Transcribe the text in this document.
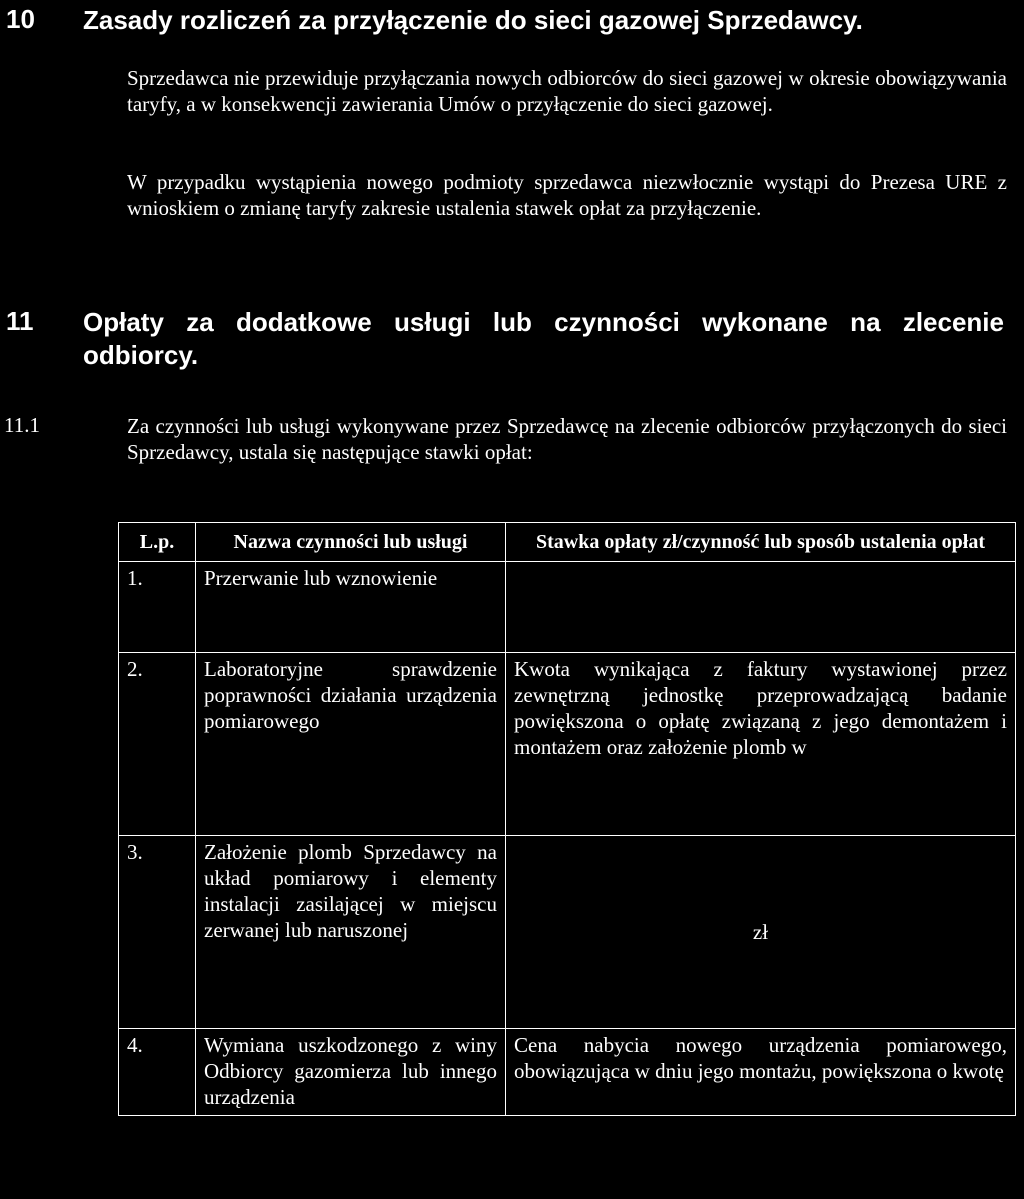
10 Zasady rozliczeń za przyłączenie do sieci gazowej Sprzedawcy.
Sprzedawca nie przewiduje przyłączania nowych odbiorców do sieci gazowej w okresie obowiązywania taryfy, a w konsekwencji zawierania Umów o przyłączenie do sieci gazowej.
W przypadku wystąpienia nowego podmioty sprzedawca niezwłocznie wystąpi do Prezesa URE z wnioskiem o zmianę taryfy zakresie ustalenia stawek opłat za przyłączenie.
11 Opłaty za dodatkowe usługi lub czynności wykonane na zlecenie odbiorcy.
11.1	Za czynności lub usługi wykonywane przez Sprzedawcę na zlecenie odbiorców przyłączonych do sieci Sprzedawcy, ustala się następujące stawki opłat:
L.p.	Nazwa czynności lub usługi	Stawka opłaty zł/czynność lub sposób ustalenia opłat
1.	Przerwanie lub wznowienie	
2.	Laboratoryjne sprawdzenie poprawności działania urządzenia pomiarowego	Kwota wynikająca z faktury wystawionej przez zewnętrzną jednostkę przeprowadzającą badanie powiększona o opłatę związaną z jego demontażem i montażem oraz założenie plomb w
3.	Założenie plomb Sprzedawcy na układ pomiarowy i elementy instalacji zasilającej w miejscu zerwanej lub naruszonej	zł
4.	Wymiana uszkodzonego z winy Odbiorcy gazomierza lub innego urządzenia	Cena nabycia nowego urządzenia pomiarowego, obowiązująca w dniu jego montażu, powiększona o kwotę
